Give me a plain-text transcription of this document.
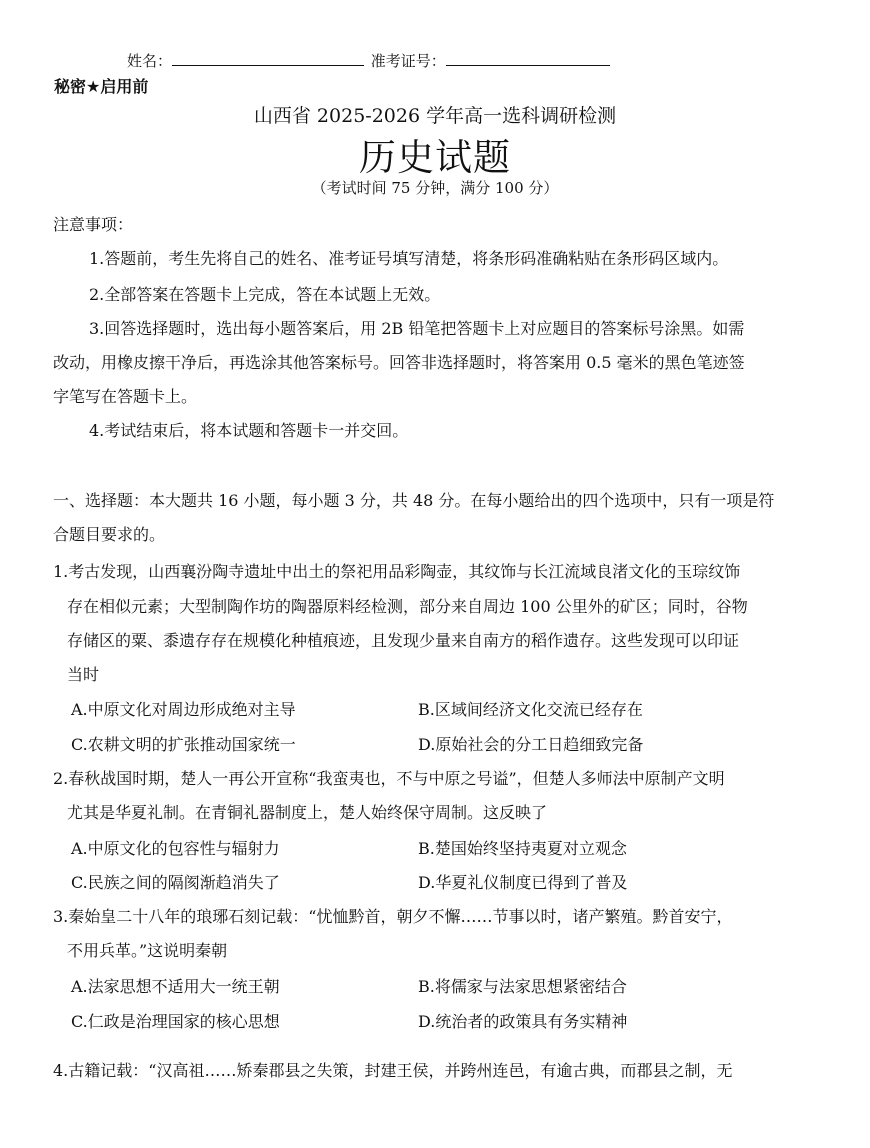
姓名：	准考证号：
秘密★启用前
山西省 2025-2026 学年高一选科调研检测
历史试题
（考试时间 75 分钟，满分 100 分）
注意事项：
1.答题前，考生先将自己的姓名、准考证号填写清楚，将条形码准确粘贴在条形码区域内。
2.全部答案在答题卡上完成，答在本试题上无效。
3.回答选择题时，选出每小题答案后，用 2B 铅笔把答题卡上对应题目的答案标号涂黑。如需
改动，用橡皮擦干净后，再选涂其他答案标号。回答非选择题时，将答案用 0.5 毫米的黑色笔迹签
字笔写在答题卡上。
4.考试结束后，将本试题和答题卡一并交回。
一、选择题：本大题共 16 小题，每小题 3 分，共 48 分。在每小题给出的四个选项中，只有一项是符
合题目要求的。
1.考古发现，山西襄汾陶寺遗址中出土的祭祀用品彩陶壶，其纹饰与长江流域良渚文化的玉琮纹饰
存在相似元素；大型制陶作坊的陶器原料经检测，部分来自周边 100 公里外的矿区；同时，谷物
存储区的粟、黍遗存存在规模化种植痕迹，且发现少量来自南方的稻作遗存。这些发现可以印证
当时
A.中原文化对周边形成绝对主导	B.区域间经济文化交流已经存在
C.农耕文明的扩张推动国家统一	D.原始社会的分工日趋细致完备
2.春秋战国时期，楚人一再公开宣称“我蛮夷也，不与中原之号谥”，但楚人多师法中原制产文明
尤其是华夏礼制。在青铜礼器制度上，楚人始终保守周制。这反映了
A.中原文化的包容性与辐射力	B.楚国始终坚持夷夏对立观念
C.民族之间的隔阂渐趋消失了	D.华夏礼仪制度已得到了普及
3.秦始皇二十八年的琅琊石刻记载：“忧恤黔首，朝夕不懈……节事以时，诸产繁殖。黔首安宁，
不用兵革。”这说明秦朝
A.法家思想不适用大一统王朝	B.将儒家与法家思想紧密结合
C.仁政是治理国家的核心思想	D.统治者的政策具有务实精神
4.古籍记载：“汉高祖……矫秦郡县之失策，封建王侯，并跨州连邑，有逾古典，而郡县之制，无
